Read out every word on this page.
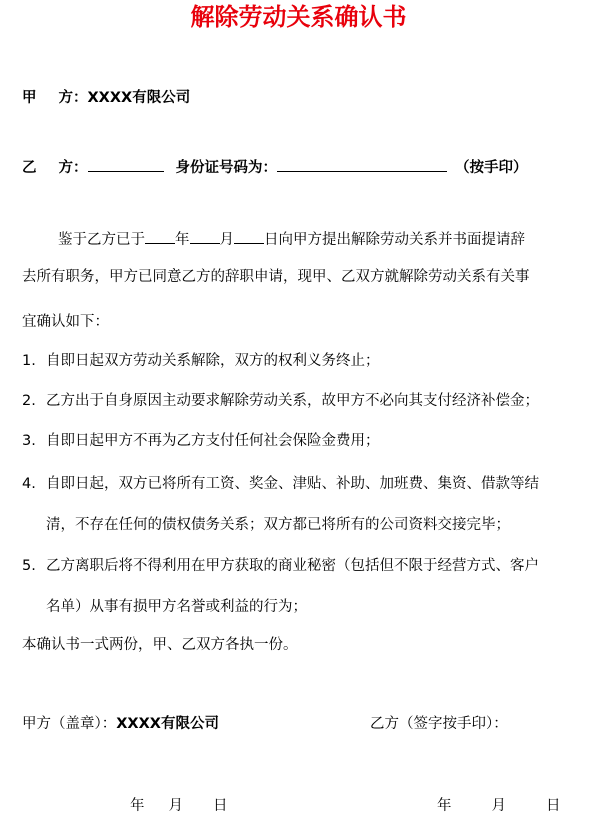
解除劳动关系确认书
甲 方：XXXX有限公司
乙 方：	身份证号码为：	（按手印）
鉴于乙方已于 年 月 日向甲方提出解除劳动关系并书面提请辞
去所有职务，甲方已同意乙方的辞职申请，现甲、乙双方就解除劳动关系有关事
宜确认如下：
1. 自即日起双方劳动关系解除，双方的权利义务终止；
2. 乙方出于自身原因主动要求解除劳动关系，故甲方不必向其支付经济补偿金；
3. 自即日起甲方不再为乙方支付任何社会保险金费用；
4. 自即日起，双方已将所有工资、奖金、津贴、补助、加班费、集资、借款等结
清，不存在任何的债权债务关系；双方都已将所有的公司资料交接完毕；
5. 乙方离职后将不得利用在甲方获取的商业秘密（包括但不限于经营方式、客户
名单）从事有损甲方名誉或利益的行为；
本确认书一式两份，甲、乙双方各执一份。
甲方（盖章）：XXXX有限公司	乙方（签字按手印）：
年 月 日	年	月	日
